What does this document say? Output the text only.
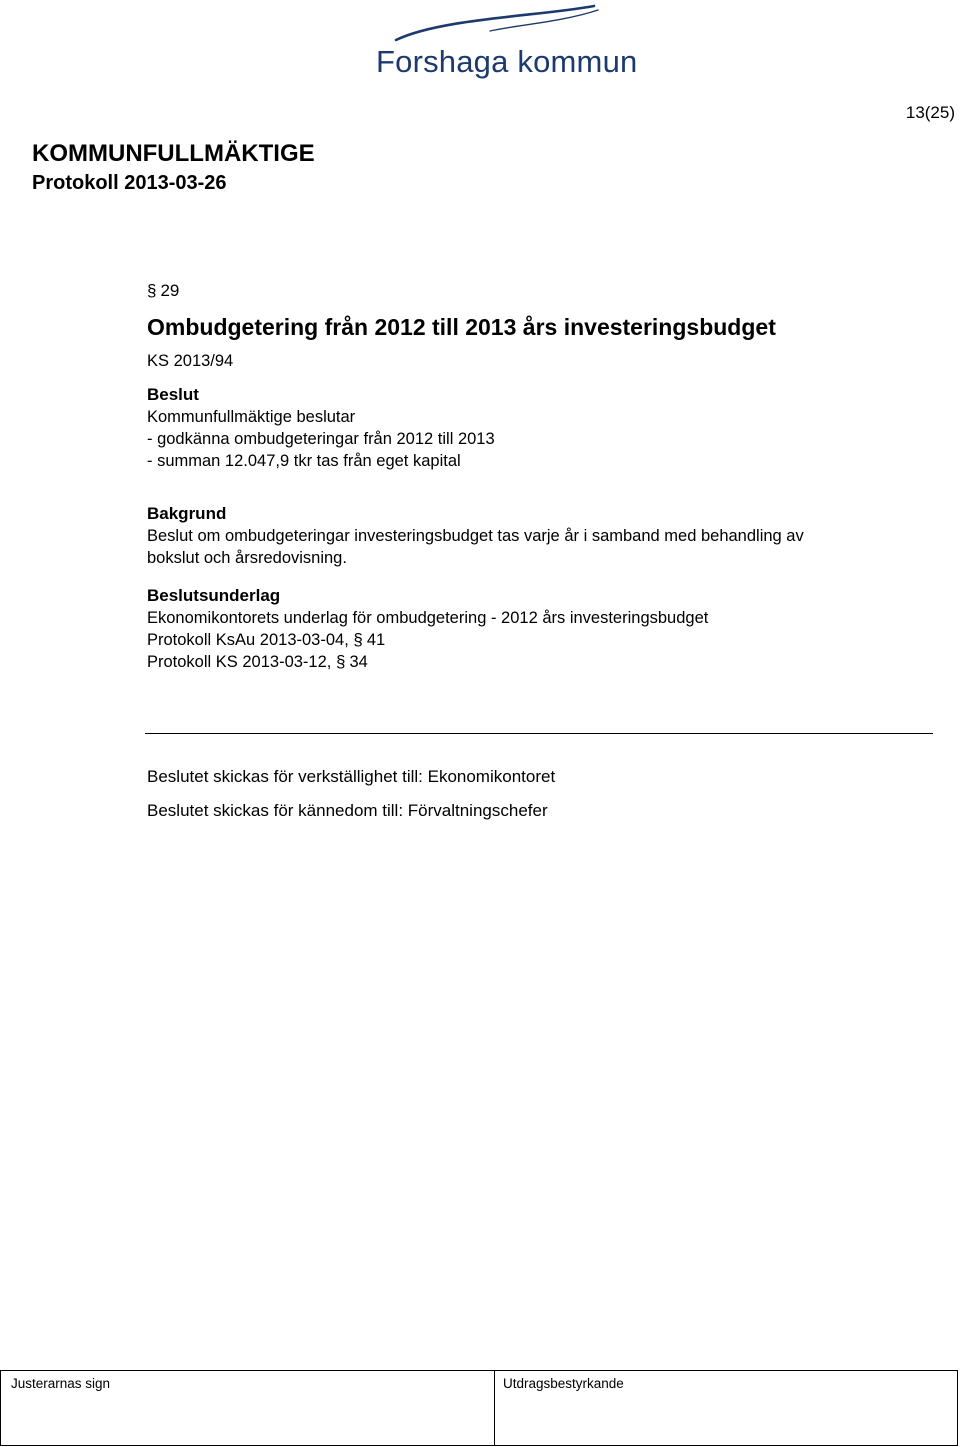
Forshaga kommun
13(25)
KOMMUNFULLMÄKTIGE
Protokoll 2013-03-26
§ 29
Ombudgetering från 2012 till 2013 års investeringsbudget
KS 2013/94
Beslut
Kommunfullmäktige beslutar
- godkänna ombudgeteringar från 2012 till 2013
- summan 12.047,9 tkr tas från eget kapital
Bakgrund
Beslut om ombudgeteringar investeringsbudget tas varje år i samband med behandling av
bokslut och årsredovisning.
Beslutsunderlag
Ekonomikontorets underlag för ombudgetering - 2012 års investeringsbudget
Protokoll KsAu 2013-03-04, § 41
Protokoll KS 2013-03-12, § 34
Beslutet skickas för verkställighet till: Ekonomikontoret
Beslutet skickas för kännedom till: Förvaltningschefer
Justerarnas sign	Utdragsbestyrkande
